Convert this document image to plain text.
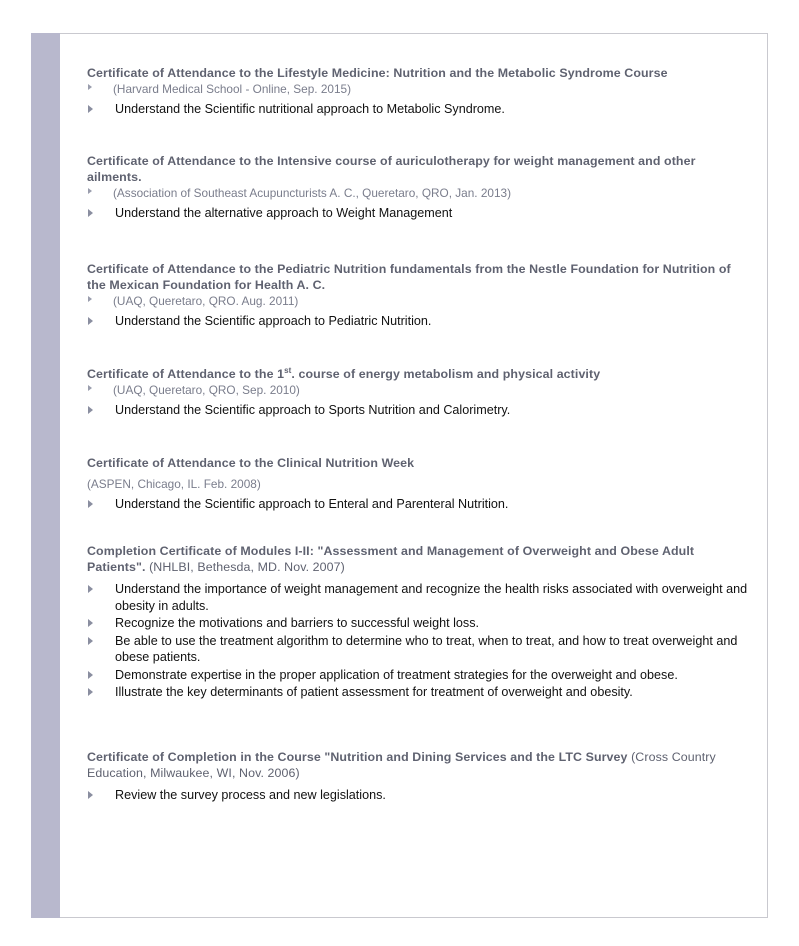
Certificate of Attendance to the Lifestyle Medicine: Nutrition and the Metabolic Syndrome Course
(Harvard Medical School - Online, Sep. 2015)
Understand the Scientific nutritional approach to Metabolic Syndrome.
Certificate of Attendance to the Intensive course of auriculotherapy for weight management and other ailments.
(Association of Southeast Acupuncturists A. C., Queretaro, QRO, Jan. 2013)
Understand the alternative approach to Weight Management
Certificate of Attendance to the Pediatric Nutrition fundamentals from the Nestle Foundation for Nutrition of the Mexican Foundation for Health A. C.
(UAQ, Queretaro, QRO. Aug. 2011)
Understand the Scientific approach to Pediatric Nutrition.
Certificate of Attendance to the 1st. course of energy metabolism and physical activity
(UAQ, Queretaro, QRO, Sep. 2010)
Understand the Scientific approach to Sports Nutrition and Calorimetry.
Certificate of Attendance to the Clinical Nutrition Week
(ASPEN, Chicago, IL. Feb. 2008)
Understand the Scientific approach to Enteral and Parenteral Nutrition.
Completion Certificate of Modules I-II: "Assessment and Management of Overweight and Obese Adult Patients". (NHLBI, Bethesda, MD. Nov. 2007)
Understand the importance of weight management and recognize the health risks associated with overweight and obesity in adults.
Recognize the motivations and barriers to successful weight loss.
Be able to use the treatment algorithm to determine who to treat, when to treat, and how to treat overweight and obese patients.
Demonstrate expertise in the proper application of treatment strategies for the overweight and obese.
Illustrate the key determinants of patient assessment for treatment of overweight and obesity.
Certificate of Completion in the Course "Nutrition and Dining Services and the LTC Survey (Cross Country Education, Milwaukee, WI, Nov. 2006)
Review the survey process and new legislations.
